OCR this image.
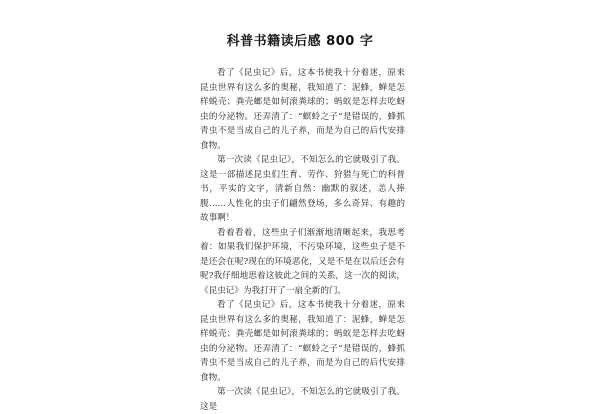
科普书籍读后感 800 字

看了《昆虫记》后，这本书使我十分着迷，原来昆虫世界有这么多的奥秘，我知道了：泥蜂，蝉是怎样蜕壳；粪壳螂是如何滚粪球的；蚂蚁是怎样去吃蚜虫的分泌物。还弄清了：“螟蛉之子”是错误的，蜂抓青虫不是当成自己的儿子养，而是为自己的后代安排食物。

第一次读《昆虫记》，不知怎么的它就吸引了我。这是一部描述昆虫们生育、劳作、狩猎与死亡的科普书，平实的文字，清新自然：幽默的叙述，恙人捧腹……人性化的虫子们翩然登场，多么奇异、有趣的故事啊！

看着看着，这些虫子们渐渐地清晰起来，我思考着：如果我们保护环境，不污染环境，这些虫子是不是还会在呢?现在的环境恶化，又是不是在以后还会有呢?我仔细地思着这彼此之间的关系，这一次的阅读，《昆虫记》为我打开了一扇全新的门。

看了《昆虫记》后，这本书使我十分着迷，原来昆虫世界有这么多的奥秘，我知道了：泥蜂，蝉是怎样蜕壳；粪壳螂是如何滚粪球的；蚂蚁是怎样去吃蚜虫的分泌物。还弄清了：“螟蛉之子”是错误的，蜂抓青虫不是当成自己的儿子养，而是为自己的后代安排食物。

第一次读《昆虫记》，不知怎么的它就吸引了我。这是
